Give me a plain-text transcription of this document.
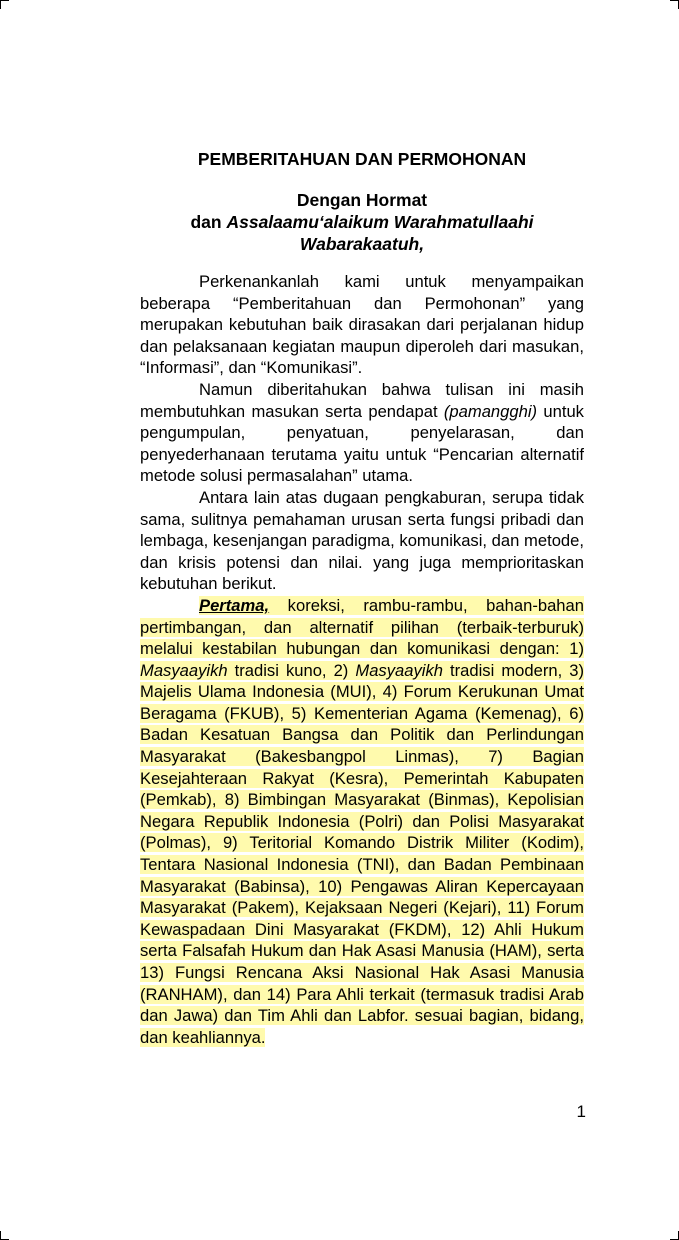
PEMBERITAHUAN DAN PERMOHONAN
Dengan Hormat
dan Assalaamu‘alaikum Warahmatullaahi
Wabarakaatuh,

Perkenankanlah kami untuk menyampaikan beberapa “Pemberitahuan dan Permohonan” yang merupakan kebutuhan baik dirasakan dari perjalanan hidup dan pelaksanaan kegiatan maupun diperoleh dari masukan, “Informasi”, dan “Komunikasi”.

Namun diberitahukan bahwa tulisan ini masih membutuhkan masukan serta pendapat (pamangghi) untuk pengumpulan, penyatuan, penyelarasan, dan penyederhanaan terutama yaitu untuk “Pencarian alternatif metode solusi permasalahan” utama.

Antara lain atas dugaan pengkaburan, serupa tidak sama, sulitnya pemahaman urusan serta fungsi pribadi dan lembaga, kesenjangan paradigma, komunikasi, dan metode, dan krisis potensi dan nilai. yang juga memprioritaskan kebutuhan berikut.

Pertama, koreksi, rambu-rambu, bahan-bahan pertimbangan, dan alternatif pilihan (terbaik-terburuk) melalui kestabilan hubungan dan komunikasi dengan: 1) Masyaayikh tradisi kuno, 2) Masyaayikh tradisi modern, 3) Majelis Ulama Indonesia (MUI), 4) Forum Kerukunan Umat Beragama (FKUB), 5) Kementerian Agama (Kemenag), 6) Badan Kesatuan Bangsa dan Politik dan Perlindungan Masyarakat (Bakesbangpol Linmas), 7) Bagian Kesejahteraan Rakyat (Kesra), Pemerintah Kabupaten (Pemkab), 8) Bimbingan Masyarakat (Binmas), Kepolisian Negara Republik Indonesia (Polri) dan Polisi Masyarakat (Polmas), 9) Teritorial Komando Distrik Militer (Kodim), Tentara Nasional Indonesia (TNI), dan Badan Pembinaan Masyarakat (Babinsa), 10) Pengawas Aliran Kepercayaan Masyarakat (Pakem), Kejaksaan Negeri (Kejari), 11) Forum Kewaspadaan Dini Masyarakat (FKDM), 12) Ahli Hukum serta Falsafah Hukum dan Hak Asasi Manusia (HAM), serta 13) Fungsi Rencana Aksi Nasional Hak Asasi Manusia (RANHAM), dan 14) Para Ahli terkait (termasuk tradisi Arab dan Jawa) dan Tim Ahli dan Labfor. sesuai bagian, bidang, dan keahliannya.

1
